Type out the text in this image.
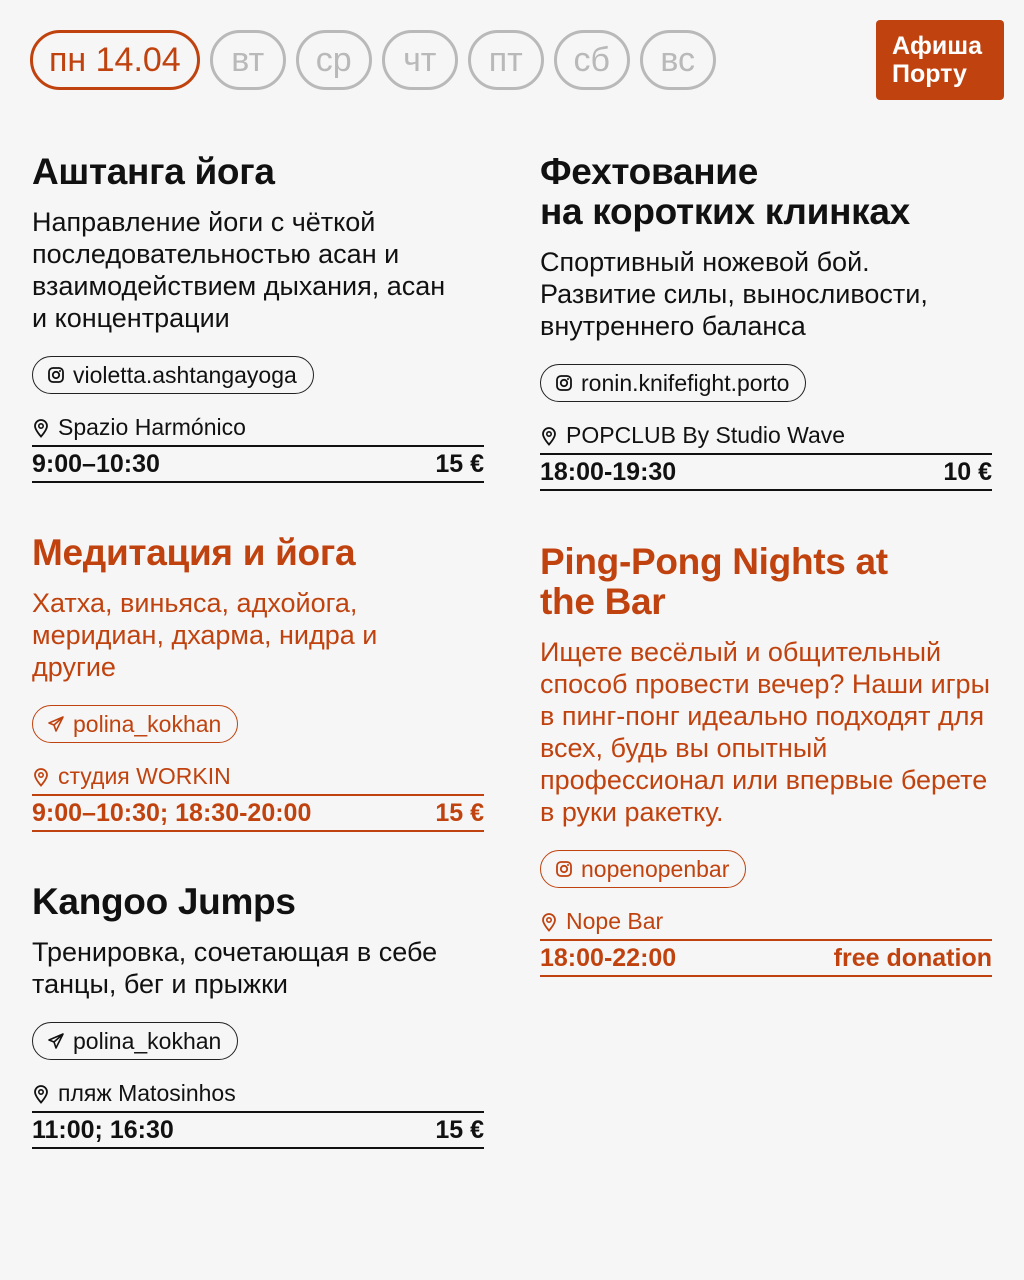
пн 14.04	вт	ср	чт	пт	сб	вс	Афиша
Порту
Аштанга йога

Направление йоги с чёткой последовательностью асан и взаимодействием дыхания, асан и концентрации

violetta.ashtangayoga
Spazio Harmónico
9:00–10:30	15 €
Фехтование
на коротких клинках

Спортивный ножевой бой. Развитие силы, выносливости, внутреннего баланса

ronin.knifefight.porto
POPCLUB By Studio Wave
18:00-19:30	10 €
Медитация и йога

Хатха, виньяса, адхойога, меридиан, дхарма, нидра и другие

polina_kokhan
студия WORKIN
9:00–10:30; 18:30-20:00	15 €
Ping-Pong Nights at the Bar

Ищете весёлый и общительный способ провести вечер? Наши игры в пинг-понг идеально подходят для всех, будь вы опытный профессионал или впервые берете в руки ракетку.

nopenopenbar
Nope Bar
18:00-22:00	free donation
Kangoo Jumps

Тренировка, сочетающая в себе танцы, бег и прыжки

polina_kokhan
пляж Matosinhos
11:00; 16:30	15 €
